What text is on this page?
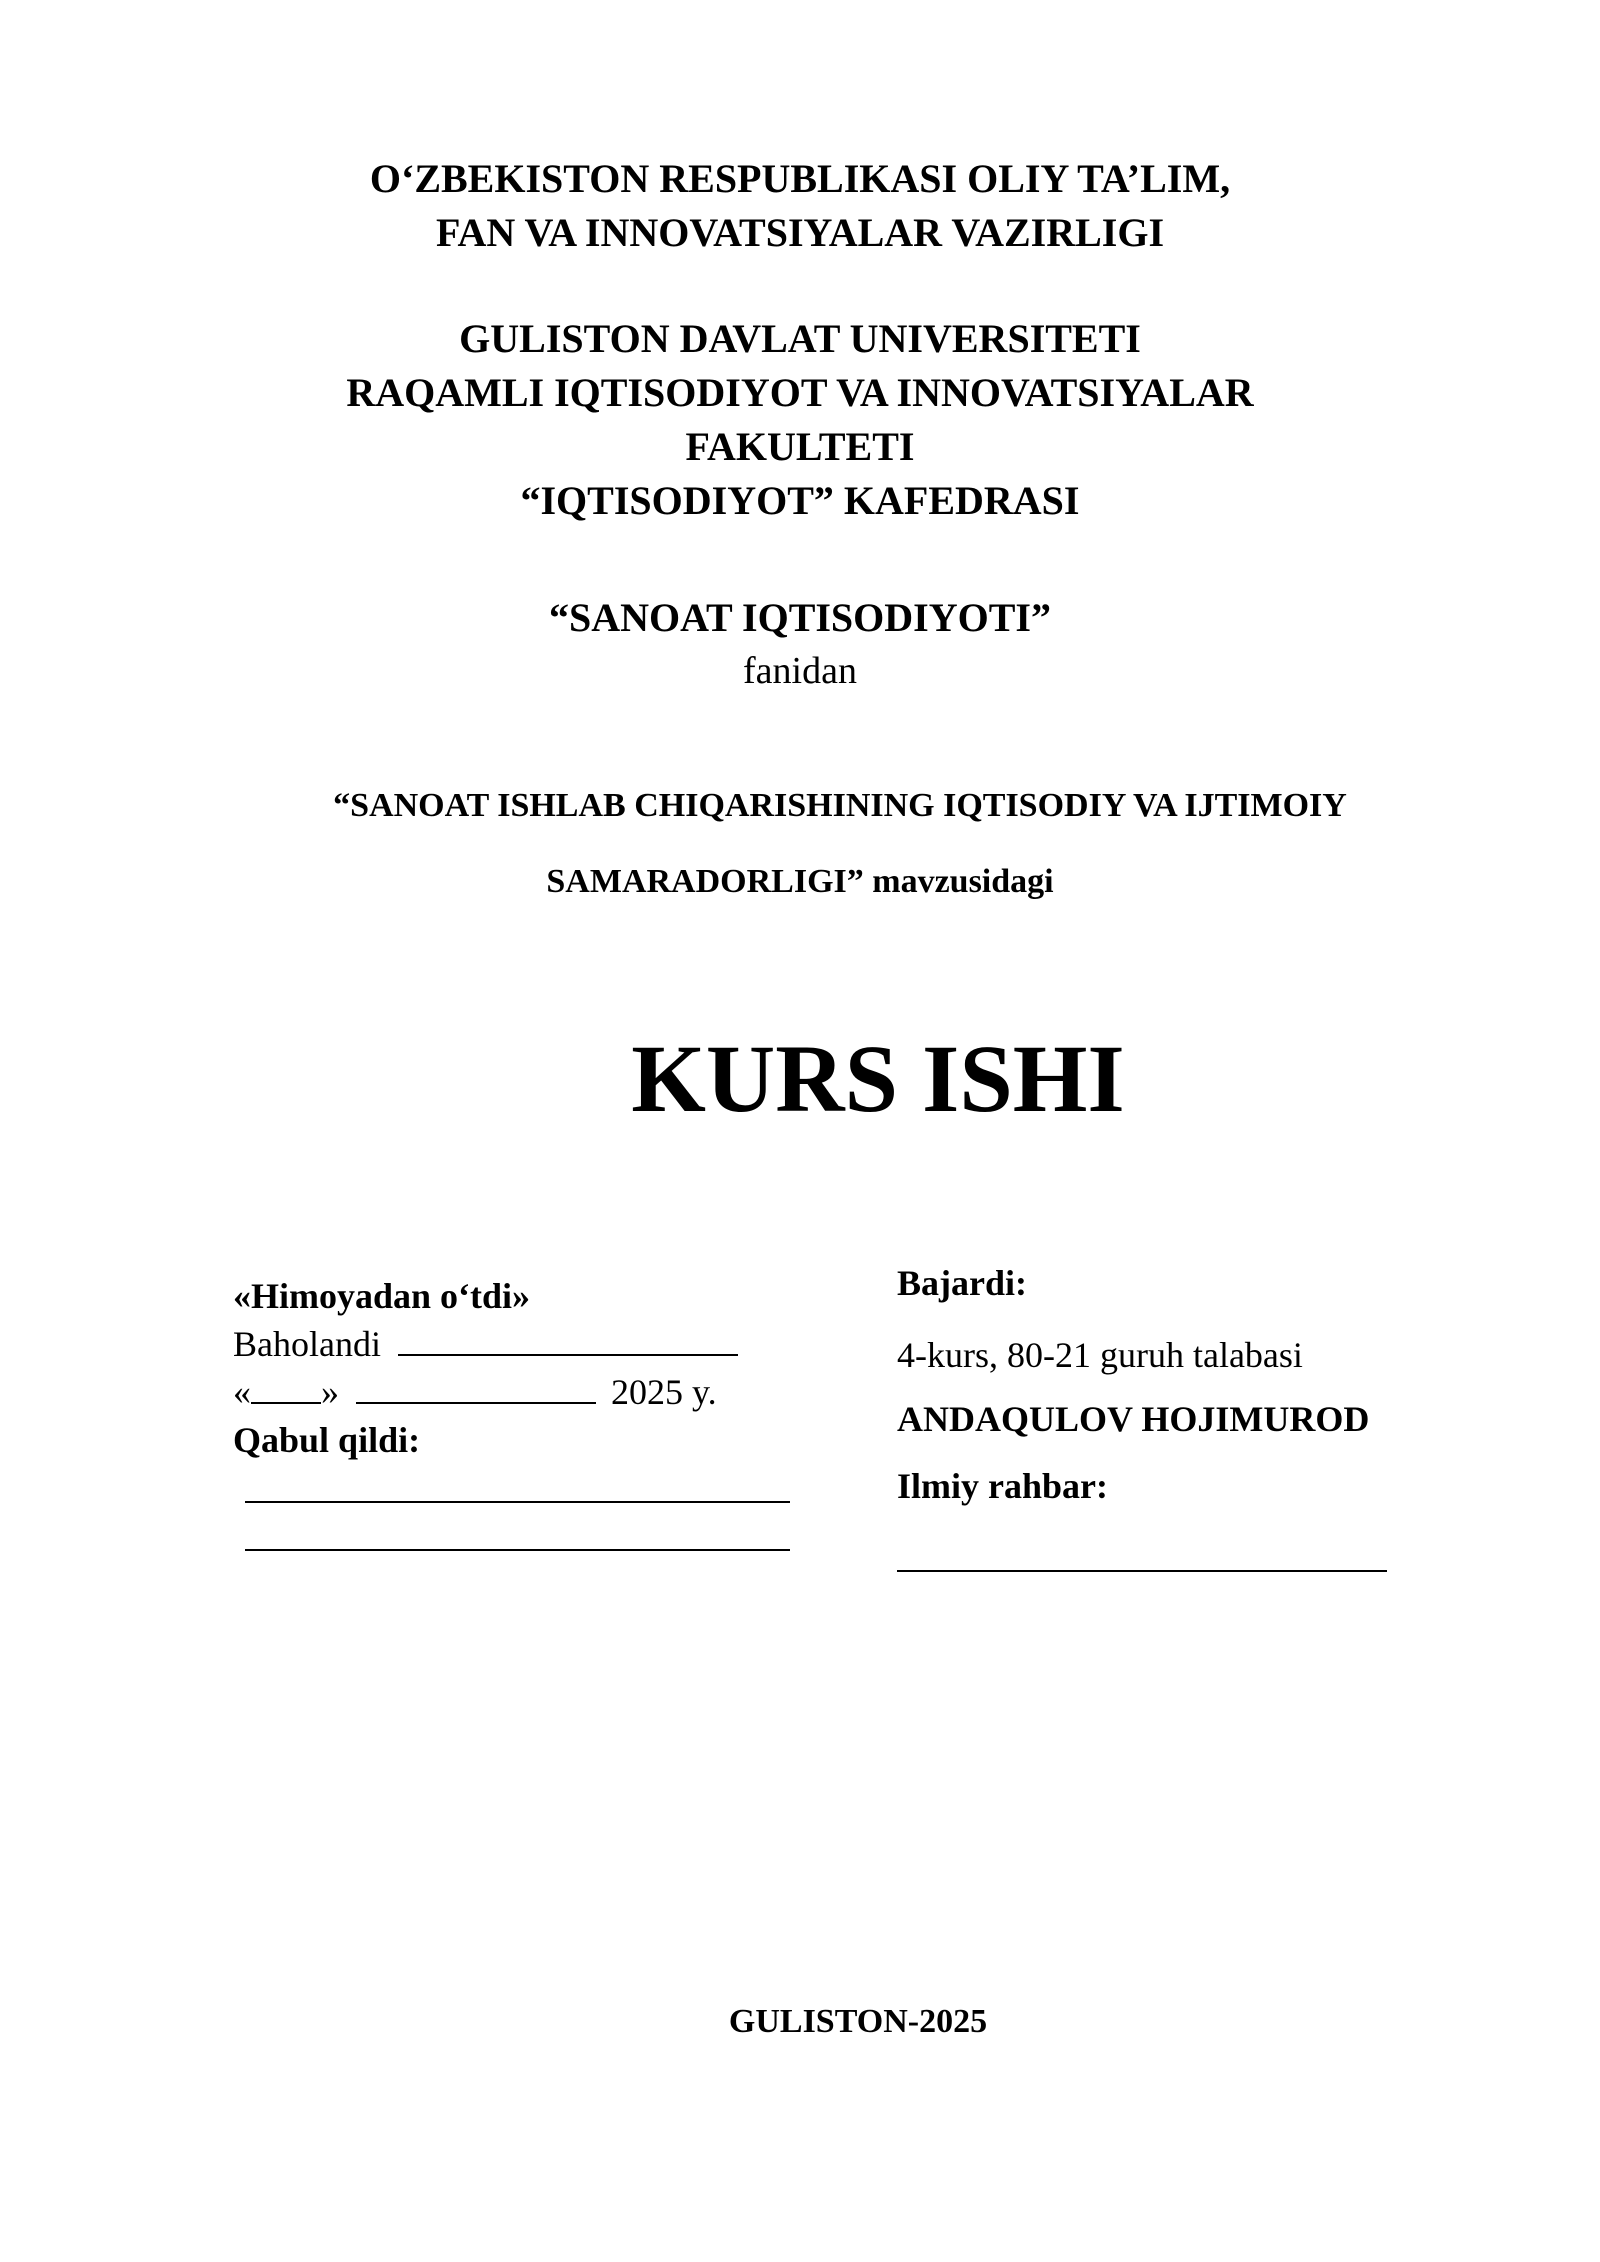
O‘ZBEKISTON RESPUBLIKASI OLIY TA’LIM,
FAN VA INNOVATSIYALAR VAZIRLIGI
GULISTON DAVLAT UNIVERSITETI
RAQAMLI IQTISODIYOT VA INNOVATSIYALAR
FAKULTETI
“IQTISODIYOT” KAFEDRASI
“SANOAT IQTISODIYOTI”
fanidan
“SANOAT ISHLAB CHIQARISHINING IQTISODIY VA IJTIMOIY
SAMARADORLIGI” mavzusidagi
KURS ISHI
«Himoyadan o‘tdi»
Baholandi
« »	2025 y.
Qabul qildi:
Bajardi:
4-kurs, 80-21 guruh talabasi
ANDAQULOV HOJIMUROD
Ilmiy rahbar:
GULISTON-2025
